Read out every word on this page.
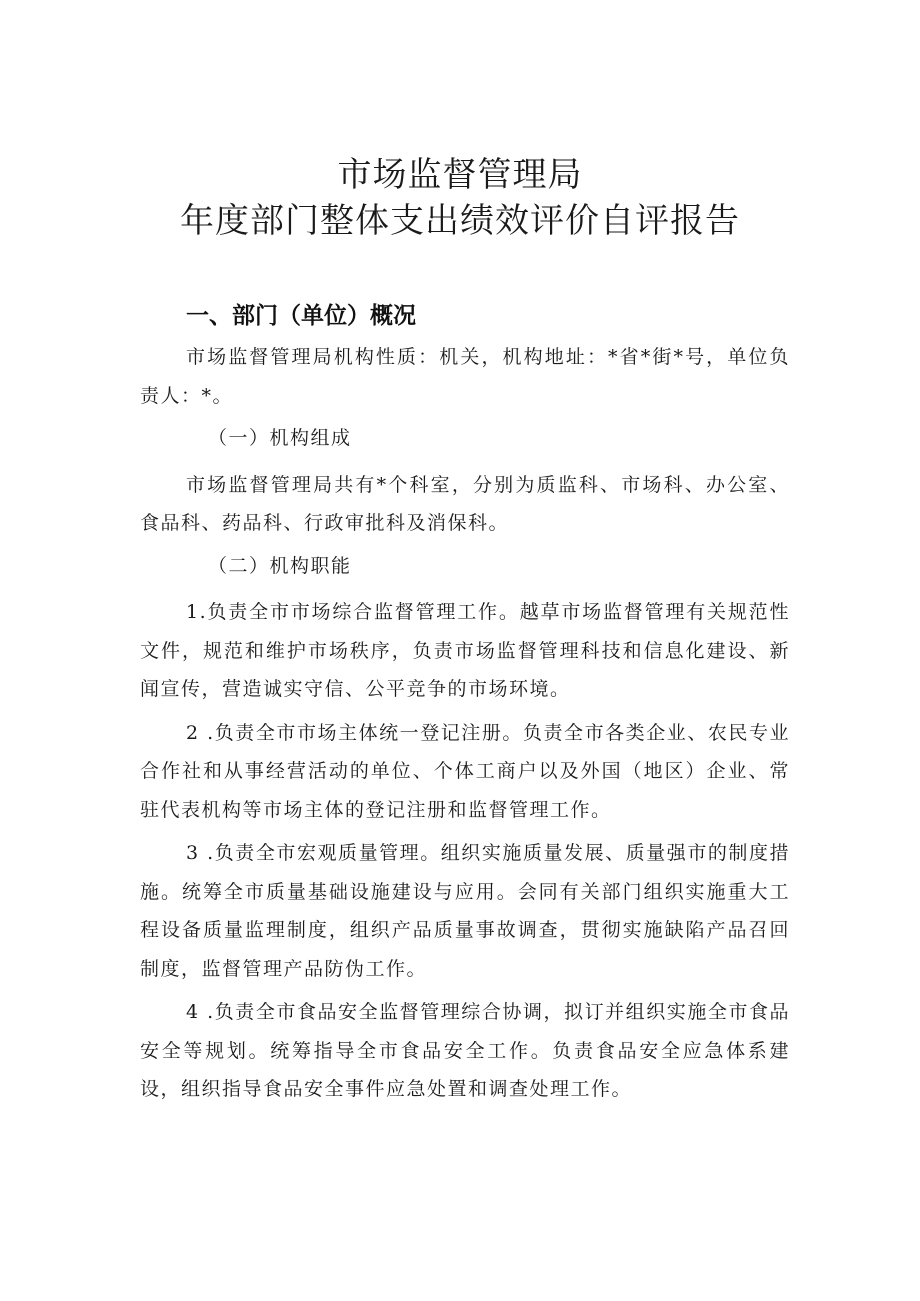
市场监督管理局
年度部门整体支出绩效评价自评报告
一、部门（单位）概况

市场监督管理局机构性质：机关，机构地址：*省*街*号，单位负责人：*。

（一）机构组成

市场监督管理局共有*个科室，分别为质监科、市场科、办公室、食品科、药品科、行政审批科及消保科。

（二）机构职能

1.负责全市市场综合监督管理工作。越草市场监督管理有关规范性文件，规范和维护市场秩序，负责市场监督管理科技和信息化建设、新闻宣传，营造诚实守信、公平竞争的市场环境。

2 .负责全市市场主体统一登记注册。负责全市各类企业、农民专业合作社和从事经营活动的单位、个体工商户以及外国（地区）企业、常驻代表机构等市场主体的登记注册和监督管理工作。

3 .负责全市宏观质量管理。组织实施质量发展、质量强市的制度措施。统筹全市质量基础设施建设与应用。会同有关部门组织实施重大工程设备质量监理制度，组织产品质量事故调查，贯彻实施缺陷产品召回制度，监督管理产品防伪工作。

4 .负责全市食品安全监督管理综合协调，拟订并组织实施全市食品安全等规划。统筹指导全市食品安全工作。负责食品安全应急体系建设，组织指导食品安全事件应急处置和调查处理工作。
